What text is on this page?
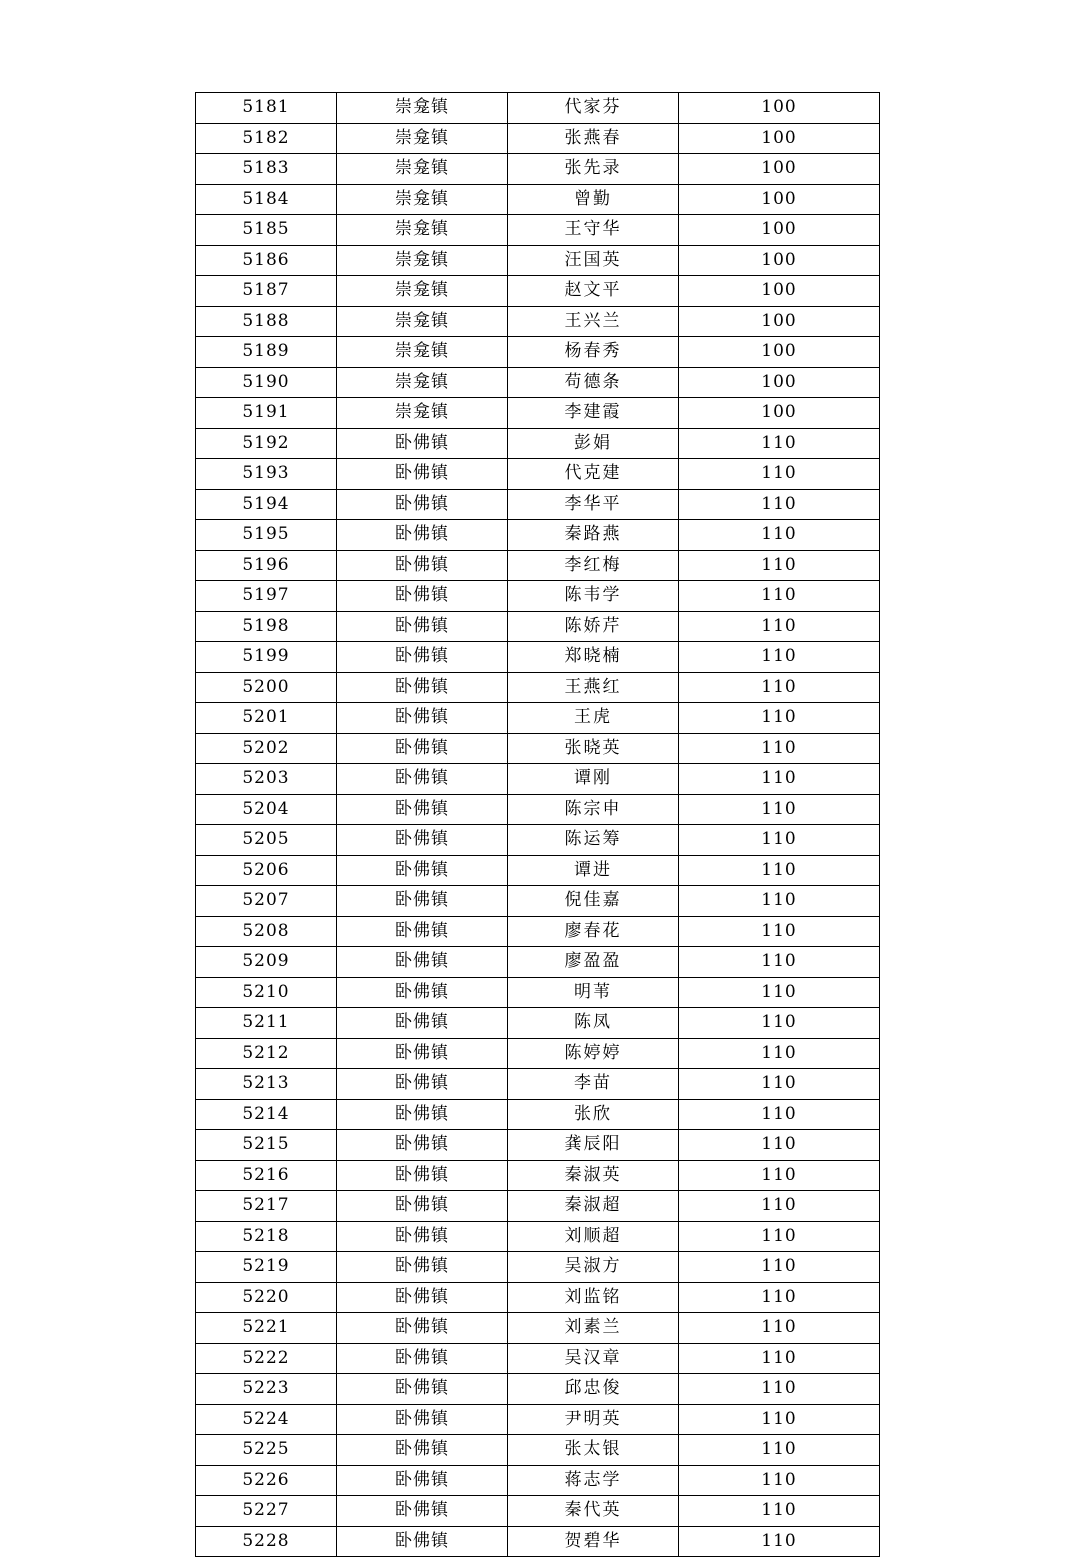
5181	崇龛镇	代家芬	100
5182	崇龛镇	张燕春	100
5183	崇龛镇	张先录	100
5184	崇龛镇	曾勤	100
5185	崇龛镇	王守华	100
5186	崇龛镇	汪国英	100
5187	崇龛镇	赵文平	100
5188	崇龛镇	王兴兰	100
5189	崇龛镇	杨春秀	100
5190	崇龛镇	苟德条	100
5191	崇龛镇	李建霞	100
5192	卧佛镇	彭娟	110
5193	卧佛镇	代克建	110
5194	卧佛镇	李华平	110
5195	卧佛镇	秦路燕	110
5196	卧佛镇	李红梅	110
5197	卧佛镇	陈韦学	110
5198	卧佛镇	陈娇芹	110
5199	卧佛镇	郑晓楠	110
5200	卧佛镇	王燕红	110
5201	卧佛镇	王虎	110
5202	卧佛镇	张晓英	110
5203	卧佛镇	谭刚	110
5204	卧佛镇	陈宗申	110
5205	卧佛镇	陈运筹	110
5206	卧佛镇	谭进	110
5207	卧佛镇	倪佳嘉	110
5208	卧佛镇	廖春花	110
5209	卧佛镇	廖盈盈	110
5210	卧佛镇	明苇	110
5211	卧佛镇	陈凤	110
5212	卧佛镇	陈婷婷	110
5213	卧佛镇	李苗	110
5214	卧佛镇	张欣	110
5215	卧佛镇	龚辰阳	110
5216	卧佛镇	秦淑英	110
5217	卧佛镇	秦淑超	110
5218	卧佛镇	刘顺超	110
5219	卧佛镇	吴淑方	110
5220	卧佛镇	刘监铭	110
5221	卧佛镇	刘素兰	110
5222	卧佛镇	吴汉章	110
5223	卧佛镇	邱忠俊	110
5224	卧佛镇	尹明英	110
5225	卧佛镇	张太银	110
5226	卧佛镇	蒋志学	110
5227	卧佛镇	秦代英	110
5228	卧佛镇	贺碧华	110
